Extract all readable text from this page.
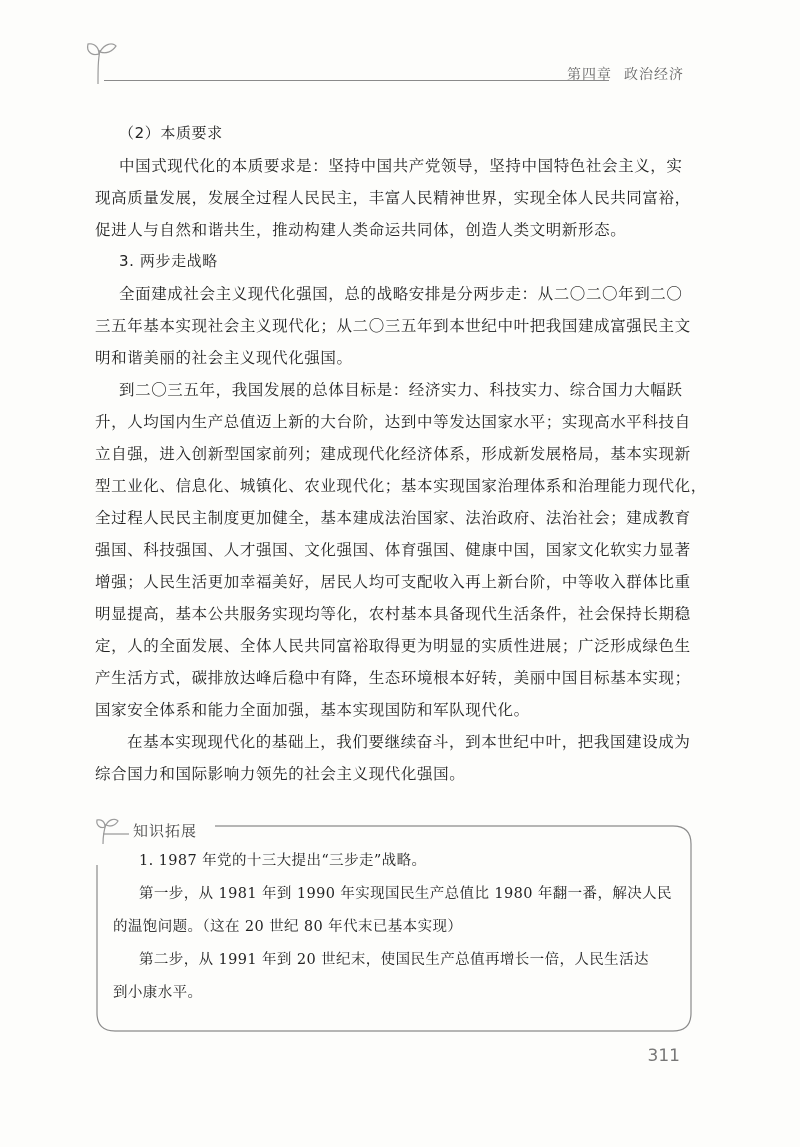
第四章 政治经济
（2）本质要求
中国式现代化的本质要求是：坚持中国共产党领导，坚持中国特色社会主义，实
现高质量发展，发展全过程人民民主，丰富人民精神世界，实现全体人民共同富裕，
促进人与自然和谐共生，推动构建人类命运共同体，创造人类文明新形态。
3. 两步走战略
全面建成社会主义现代化强国，总的战略安排是分两步走：从二〇二〇年到二〇
三五年基本实现社会主义现代化；从二〇三五年到本世纪中叶把我国建成富强民主文
明和谐美丽的社会主义现代化强国。
到二〇三五年，我国发展的总体目标是：经济实力、科技实力、综合国力大幅跃
升，人均国内生产总值迈上新的大台阶，达到中等发达国家水平；实现高水平科技自
立自强，进入创新型国家前列；建成现代化经济体系，形成新发展格局，基本实现新
型工业化、信息化、城镇化、农业现代化；基本实现国家治理体系和治理能力现代化，
全过程人民民主制度更加健全，基本建成法治国家、法治政府、法治社会；建成教育
强国、科技强国、人才强国、文化强国、体育强国、健康中国，国家文化软实力显著
增强；人民生活更加幸福美好，居民人均可支配收入再上新台阶，中等收入群体比重
明显提高，基本公共服务实现均等化，农村基本具备现代生活条件，社会保持长期稳
定，人的全面发展、全体人民共同富裕取得更为明显的实质性进展；广泛形成绿色生
产生活方式，碳排放达峰后稳中有降，生态环境根本好转，美丽中国目标基本实现；
国家安全体系和能力全面加强，基本实现国防和军队现代化。
在基本实现现代化的基础上，我们要继续奋斗，到本世纪中叶，把我国建设成为
综合国力和国际影响力领先的社会主义现代化强国。
1. 1987 年党的十三大提出“三步走”战略。
第一步，从 1981 年到 1990 年实现国民生产总值比 1980 年翻一番，解决人民
的温饱问题。（这在 20 世纪 80 年代末已基本实现）
第二步，从 1991 年到 20 世纪末，使国民生产总值再增长一倍，人民生活达
到小康水平。
知识拓展
311
